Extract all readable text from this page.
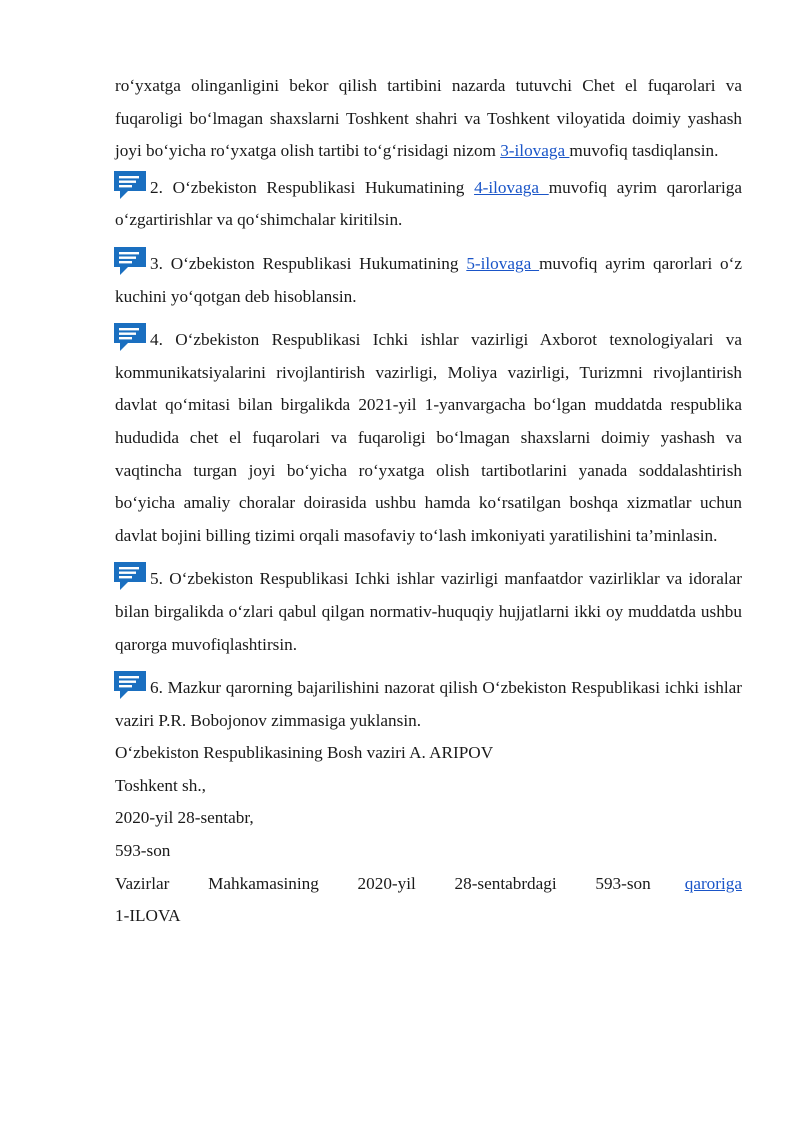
ro‘yxatga olinganligini bekor qilish tartibini nazarda tutuvchi Chet el fuqarolari va fuqaroligi bo‘lmagan shaxslarni Toshkent shahri va Toshkent viloyatida doimiy yashash joyi bo‘yicha ro‘yxatga olish tartibi to‘g‘risidagi nizom 3-ilovaga muvofiq tasdiqlansin.

2. O‘zbekiston Respublikasi Hukumatining 4-ilovaga muvofiq ayrim qarorlariga o‘zgartirishlar va qo‘shimchalar kiritilsin.

3. O‘zbekiston Respublikasi Hukumatining 5-ilovaga muvofiq ayrim qarorlari o‘z kuchini yo‘qotgan deb hisoblansin.

4. O‘zbekiston Respublikasi Ichki ishlar vazirligi Axborot texnologiyalari va kommunikatsiyalarini rivojlantirish vazirligi, Moliya vazirligi, Turizmni rivojlantirish davlat qo‘mitasi bilan birgalikda 2021-yil 1-yanvargacha bo‘lgan muddatda respublika hududida chet el fuqarolari va fuqaroligi bo‘lmagan shaxslarni doimiy yashash va vaqtincha turgan joyi bo‘yicha ro‘yxatga olish tartibotlarini yanada soddalashtirish bo‘yicha amaliy choralar doirasida ushbu hamda ko‘rsatilgan boshqa xizmatlar uchun davlat bojini billing tizimi orqali masofaviy to‘lash imkoniyati yaratilishini ta’minlasin.

5. O‘zbekiston Respublikasi Ichki ishlar vazirligi manfaatdor vazirliklar va idoralar bilan birgalikda o‘zlari qabul qilgan normativ-huquqiy hujjatlarni ikki oy muddatda ushbu qarorga muvofiqlashtirsin.

6. Mazkur qarorning bajarilishini nazorat qilish O‘zbekiston Respublikasi ichki ishlar vaziri P.R. Bobojonov zimmasiga yuklansin.

O‘zbekiston Respublikasining Bosh vaziri A. ARIPOV

Toshkent sh.,

2020-yil 28-sentabr,

593-son

Vazirlar Mahkamasining 2020-yil 28-sentabrdagi 593-son qaroriga

1-ILOVA
